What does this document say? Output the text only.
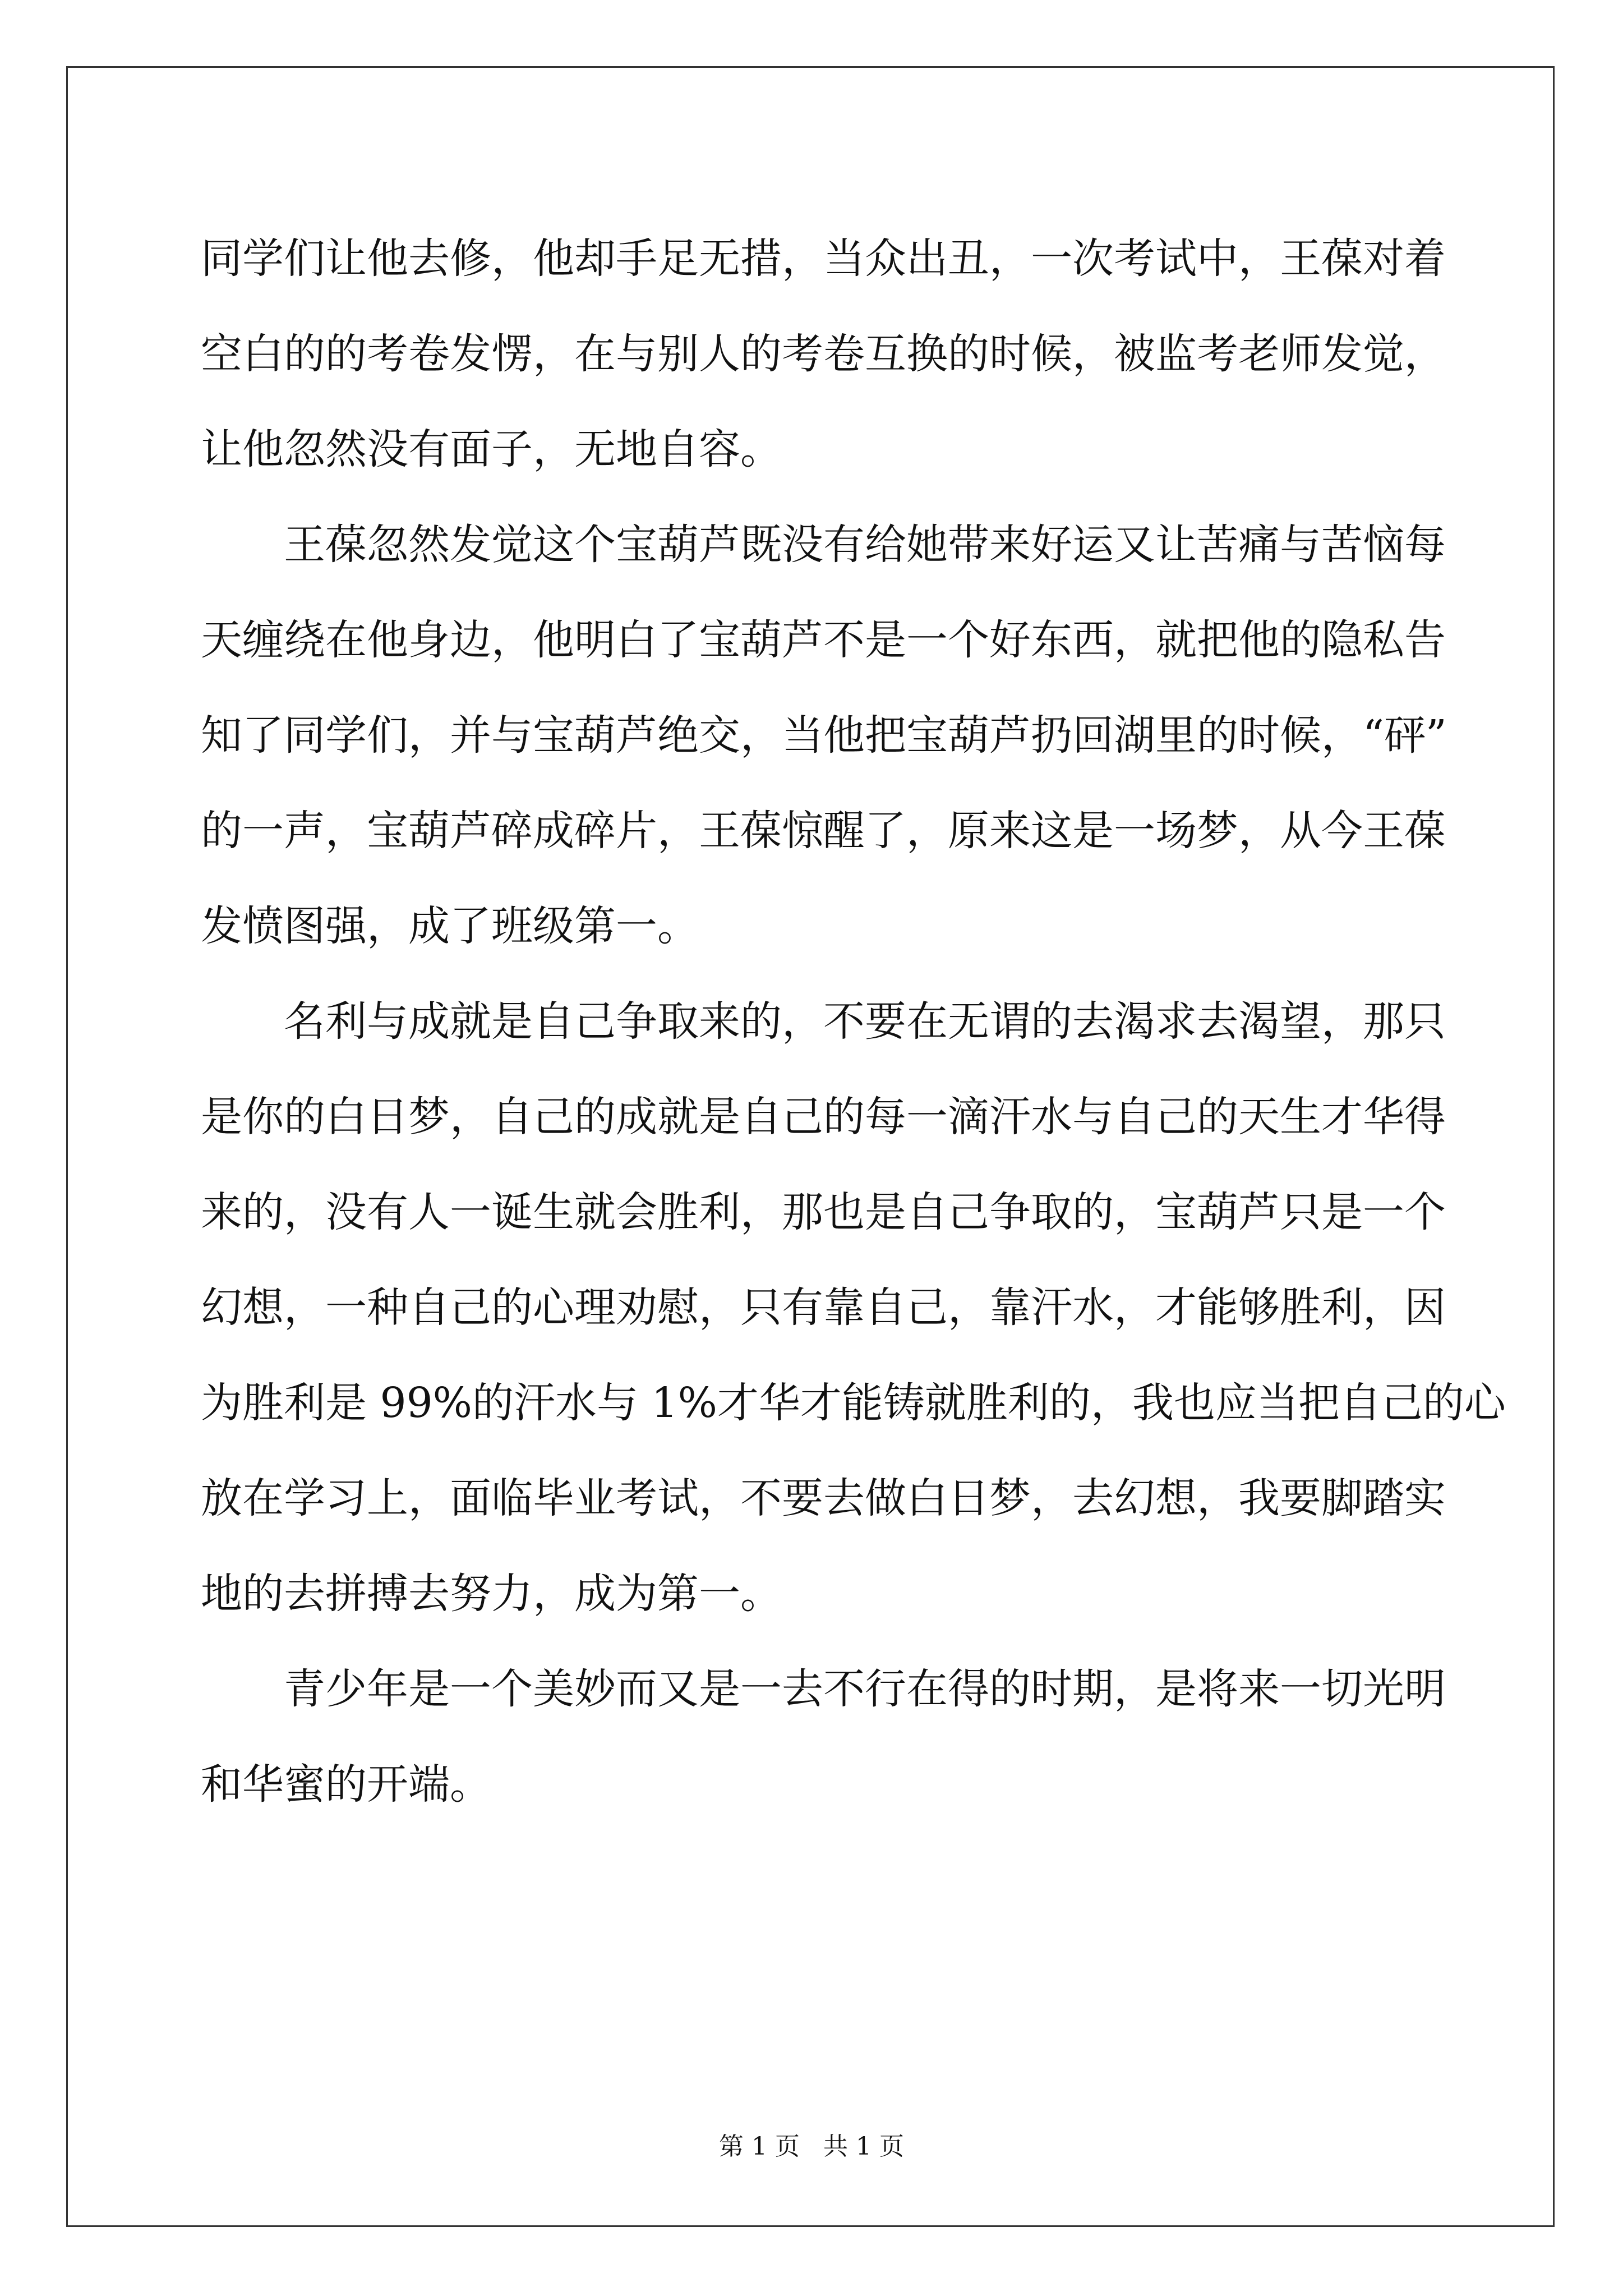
同学们让他去修，他却手足无措，当众出丑，一次考试中，王葆对着
空白的的考卷发愣，在与别人的考卷互换的时候，被监考老师发觉，
让他忽然没有面子，无地自容。
王葆忽然发觉这个宝葫芦既没有给她带来好运又让苦痛与苦恼每
天缠绕在他身边，他明白了宝葫芦不是一个好东西，就把他的隐私告
知了同学们，并与宝葫芦绝交，当他把宝葫芦扔回湖里的时候，“砰”
的一声，宝葫芦碎成碎片，王葆惊醒了，原来这是一场梦，从今王葆
发愤图强，成了班级第一。
名利与成就是自己争取来的，不要在无谓的去渴求去渴望，那只
是你的白日梦，自己的成就是自己的每一滴汗水与自己的天生才华得
来的，没有人一诞生就会胜利，那也是自己争取的，宝葫芦只是一个
幻想，一种自己的心理劝慰，只有靠自己，靠汗水，才能够胜利，因
为胜利是 99%的汗水与 1%才华才能铸就胜利的，我也应当把自己的心
放在学习上，面临毕业考试，不要去做白日梦，去幻想，我要脚踏实
地的去拼搏去努力，成为第一。
青少年是一个美妙而又是一去不行在得的时期，是将来一切光明
和华蜜的开端。
第 1 页   共 1 页
